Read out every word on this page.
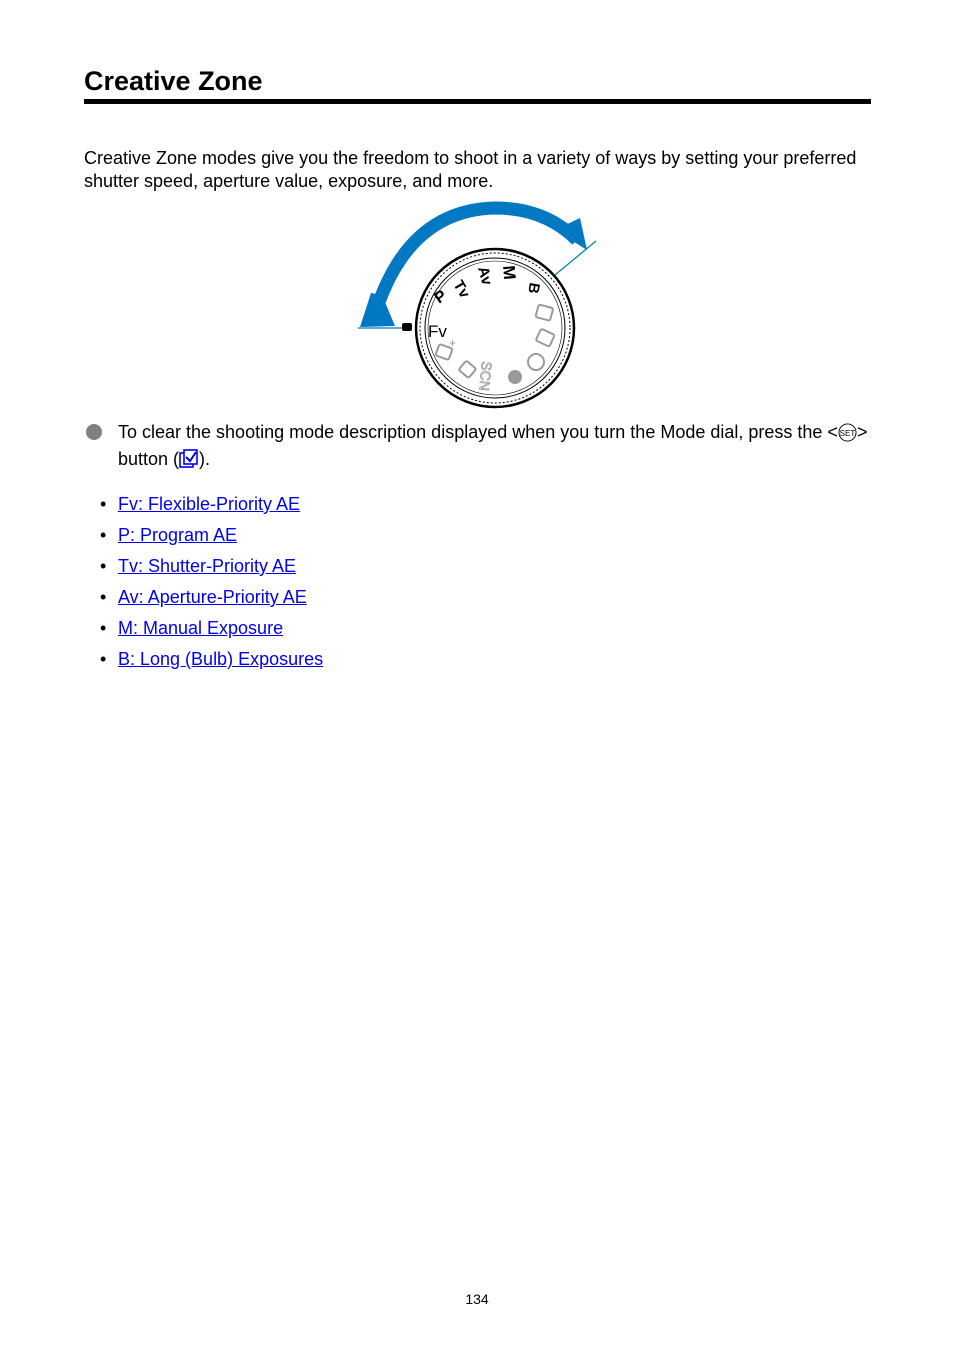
Creative Zone

Creative Zone modes give you the freedom to shoot in a variety of ways by setting your preferred shutter speed, aperture value, exposure, and more.

Fv
P Tv
Av M
B
SCN
+

To clear the shooting mode description displayed when you turn the Mode dial, press the < SET > button ( ).

• Fv: Flexible-Priority AE
• P: Program AE
• Tv: Shutter-Priority AE
• Av: Aperture-Priority AE
• M: Manual Exposure
• B: Long (Bulb) Exposures
134
